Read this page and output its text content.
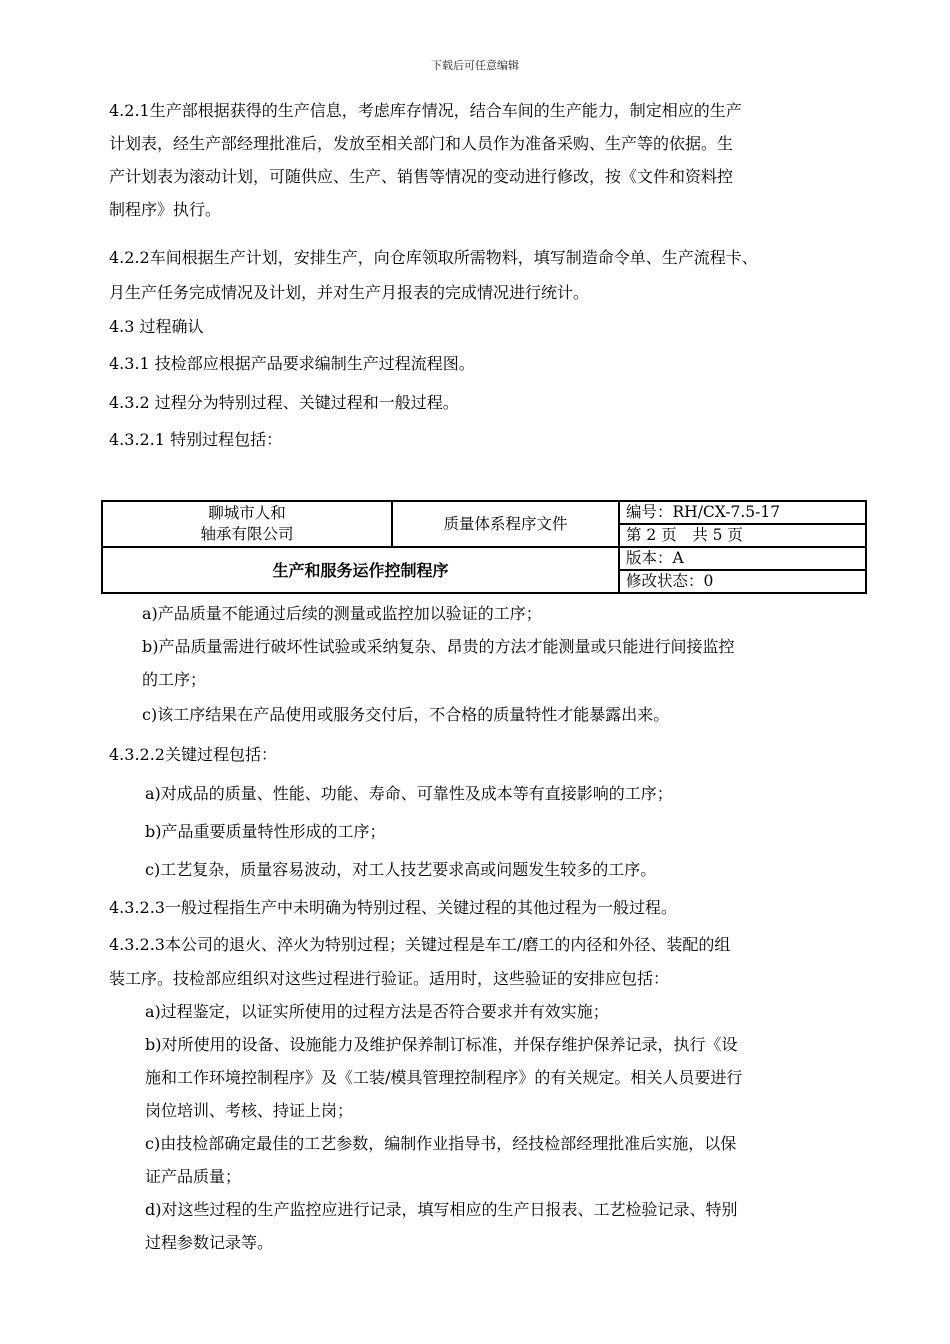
下载后可任意编辑
4.2.1生产部根据获得的生产信息，考虑库存情况，结合车间的生产能力，制定相应的生产
计划表，经生产部经理批准后，发放至相关部门和人员作为准备采购、生产等的依据。生
产计划表为滚动计划，可随供应、生产、销售等情况的变动进行修改，按《文件和资料控
制程序》执行。
4.2.2车间根据生产计划，安排生产，向仓库领取所需物料，填写制造命令单、生产流程卡、
月生产任务完成情况及计划，并对生产月报表的完成情况进行统计。
4.3 过程确认
4.3.1 技检部应根据产品要求编制生产过程流程图。
4.3.2 过程分为特别过程、关键过程和一般过程。
4.3.2.1 特别过程包括：
聊城市人和
轴承有限公司	质量体系程序文件	编号：RH/CX-7.5-17
		第 2 页　共 5 页
生产和服务运作控制程序		版本：A
		修改状态：0
a)产品质量不能通过后续的测量或监控加以验证的工序；
b)产品质量需进行破坏性试验或采纳复杂、昂贵的方法才能测量或只能进行间接监控
的工序；
c)该工序结果在产品使用或服务交付后，不合格的质量特性才能暴露出来。
4.3.2.2关键过程包括：
a)对成品的质量、性能、功能、寿命、可靠性及成本等有直接影响的工序；
b)产品重要质量特性形成的工序；
c)工艺复杂，质量容易波动，对工人技艺要求高或问题发生较多的工序。
4.3.2.3一般过程指生产中未明确为特别过程、关键过程的其他过程为一般过程。
4.3.2.3本公司的退火、淬火为特别过程；关键过程是车工/磨工的内径和外径、装配的组
装工序。技检部应组织对这些过程进行验证。适用时，这些验证的安排应包括：
a)过程鉴定，以证实所使用的过程方法是否符合要求并有效实施；
b)对所使用的设备、设施能力及维护保养制订标准，并保存维护保养记录，执行《设
施和工作环境控制程序》及《工装/模具管理控制程序》的有关规定。相关人员要进行
岗位培训、考核、持证上岗；
c)由技检部确定最佳的工艺参数，编制作业指导书，经技检部经理批准后实施，以保
证产品质量；
d)对这些过程的生产监控应进行记录，填写相应的生产日报表、工艺检验记录、特别
过程参数记录等。
